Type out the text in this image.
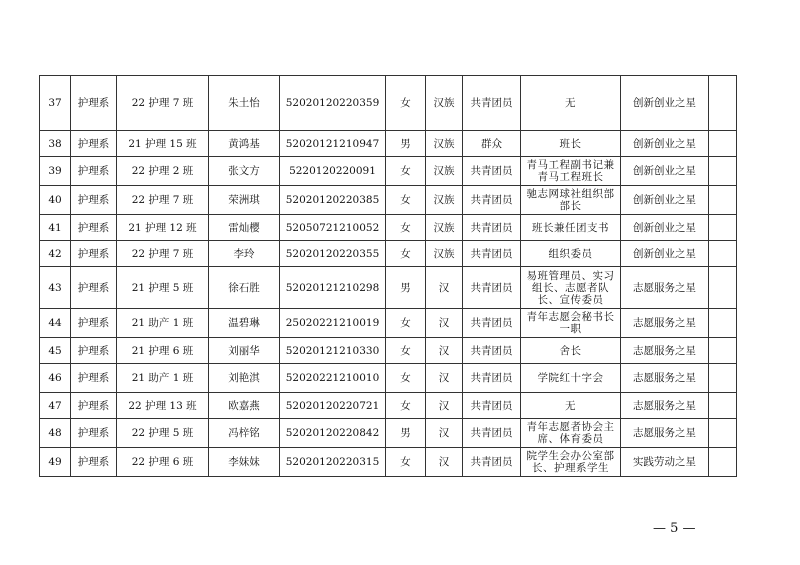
37	护理系	22 护理 7 班	朱土怡	52020120220359	女	汉族	共青团员	无	创新创业之星	
38	护理系	21 护理 15 班	黄鸿基	52020121210947	男	汉族	群众	班长	创新创业之星	
39	护理系	22 护理 2 班	张文方	5220120220091	女	汉族	共青团员	青马工程副书记兼青马工程班长	创新创业之星	
40	护理系	22 护理 7 班	荣洲琪	52020120220385	女	汉族	共青团员	驰志网球社组织部部长	创新创业之星	
41	护理系	21 护理 12 班	雷灿樱	52050721210052	女	汉族	共青团员	班长兼任团支书	创新创业之星	
42	护理系	22 护理 7 班	李玲	52020120220355	女	汉族	共青团员	组织委员	创新创业之星	
43	护理系	21 护理 5 班	徐石胜	52020121210298	男	汉	共青团员	易班管理员、实习组长、志愿者队长、宣传委员	志愿服务之星	
44	护理系	21 助产 1 班	温碧琳	25020221210019	女	汉	共青团员	青年志愿会秘书长一职	志愿服务之星	
45	护理系	21 护理 6 班	刘丽华	52020121210330	女	汉	共青团员	舍长	志愿服务之星	
46	护理系	21 助产 1 班	刘艳淇	52020221210010	女	汉	共青团员	学院红十字会	志愿服务之星	
47	护理系	22 护理 13 班	欧嘉燕	52020120220721	女	汉	共青团员	无	志愿服务之星	
48	护理系	22 护理 5 班	冯梓铭	52020120220842	男	汉	共青团员	青年志愿者协会主席、体育委员	志愿服务之星	
49	护理系	22 护理 6 班	李妹妹	52020120220315	女	汉	共青团员	院学生会办公室部长、护理系学生	实践劳动之星	
— 5 —
